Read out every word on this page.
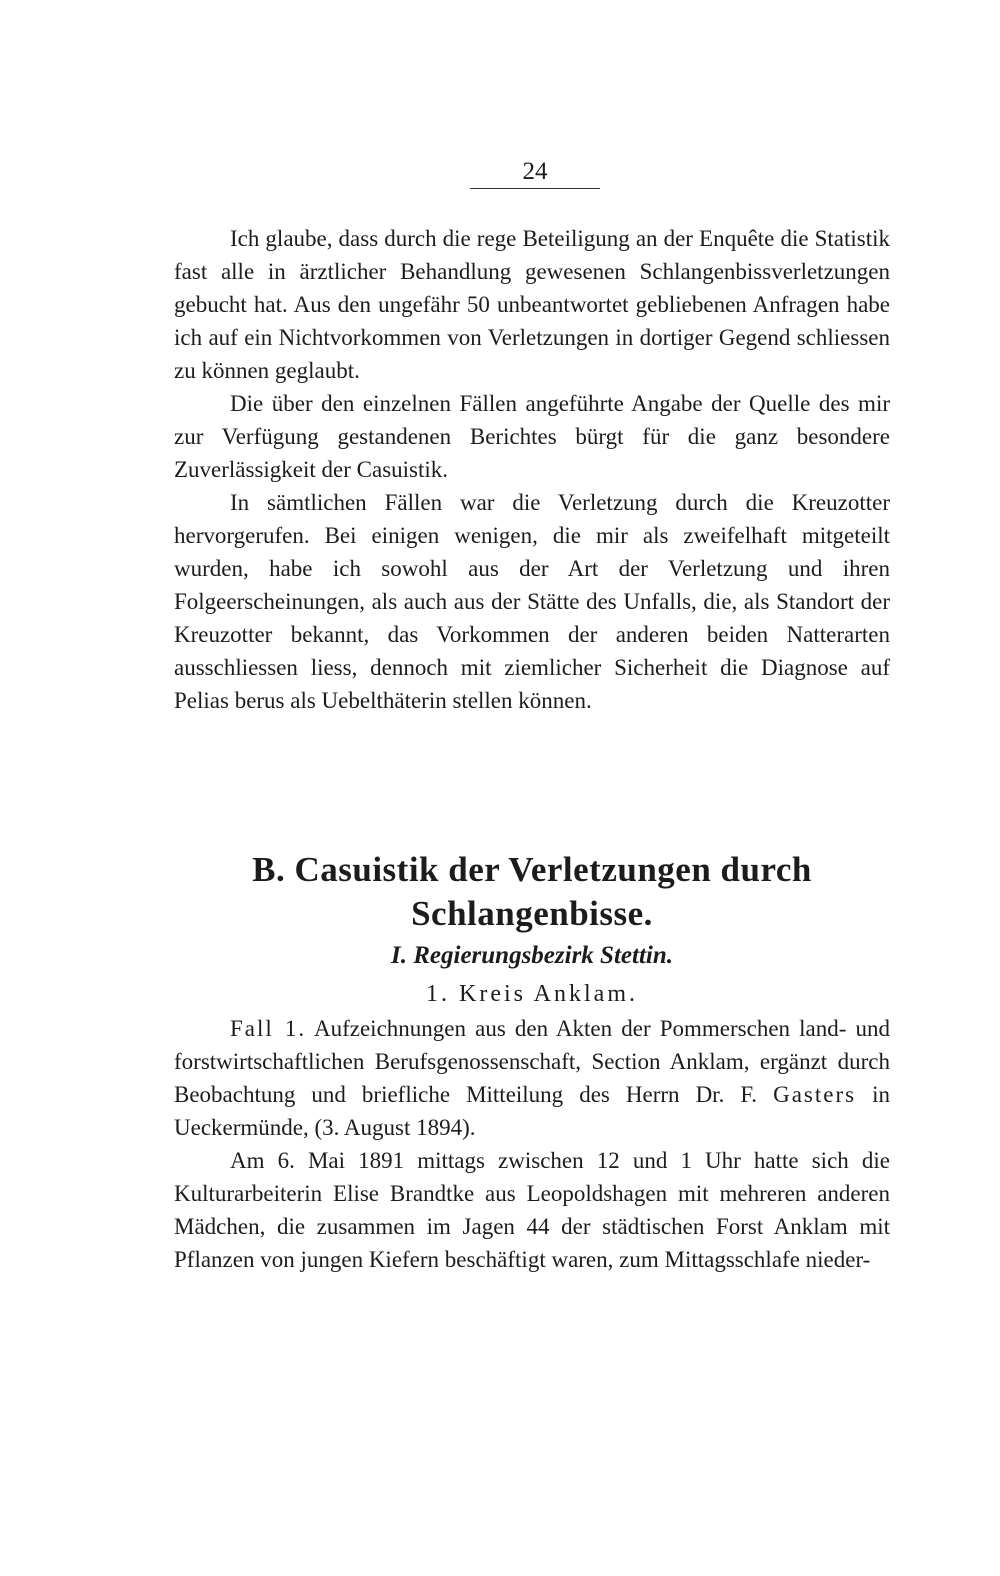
24

Ich glaube, dass durch die rege Beteiligung an der Enquête die Statistik fast alle in ärztlicher Behandlung gewesenen Schlangenbissverletzungen gebucht hat. Aus den ungefähr 50 unbeantwortet gebliebenen Anfragen habe ich auf ein Nichtvorkommen von Verletzungen in dortiger Gegend schliessen zu können geglaubt.

Die über den einzelnen Fällen angeführte Angabe der Quelle des mir zur Verfügung gestandenen Berichtes bürgt für die ganz besondere Zuverlässigkeit der Casuistik.

In sämtlichen Fällen war die Verletzung durch die Kreuzotter hervorgerufen. Bei einigen wenigen, die mir als zweifelhaft mitgeteilt wurden, habe ich sowohl aus der Art der Verletzung und ihren Folgeerscheinungen, als auch aus der Stätte des Unfalls, die, als Standort der Kreuzotter bekannt, das Vorkommen der anderen beiden Natterarten ausschliessen liess, dennoch mit ziemlicher Sicherheit die Diagnose auf Pelias berus als Uebelthäterin stellen können.

B. Casuistik der Verletzungen durch Schlangenbisse.
I. Regierungsbezirk Stettin.
1. Kreis Anklam.

Fall 1. Aufzeichnungen aus den Akten der Pommerschen land- und forstwirtschaftlichen Berufsgenossenschaft, Section Anklam, ergänzt durch Beobachtung und briefliche Mitteilung des Herrn Dr. F. Gasters in Ueckermünde, (3. August 1894).

Am 6. Mai 1891 mittags zwischen 12 und 1 Uhr hatte sich die Kulturarbeiterin Elise Brandtke aus Leopoldshagen mit mehreren anderen Mädchen, die zusammen im Jagen 44 der städtischen Forst Anklam mit Pflanzen von jungen Kiefern beschäftigt waren, zum Mittagsschlafe nieder-
